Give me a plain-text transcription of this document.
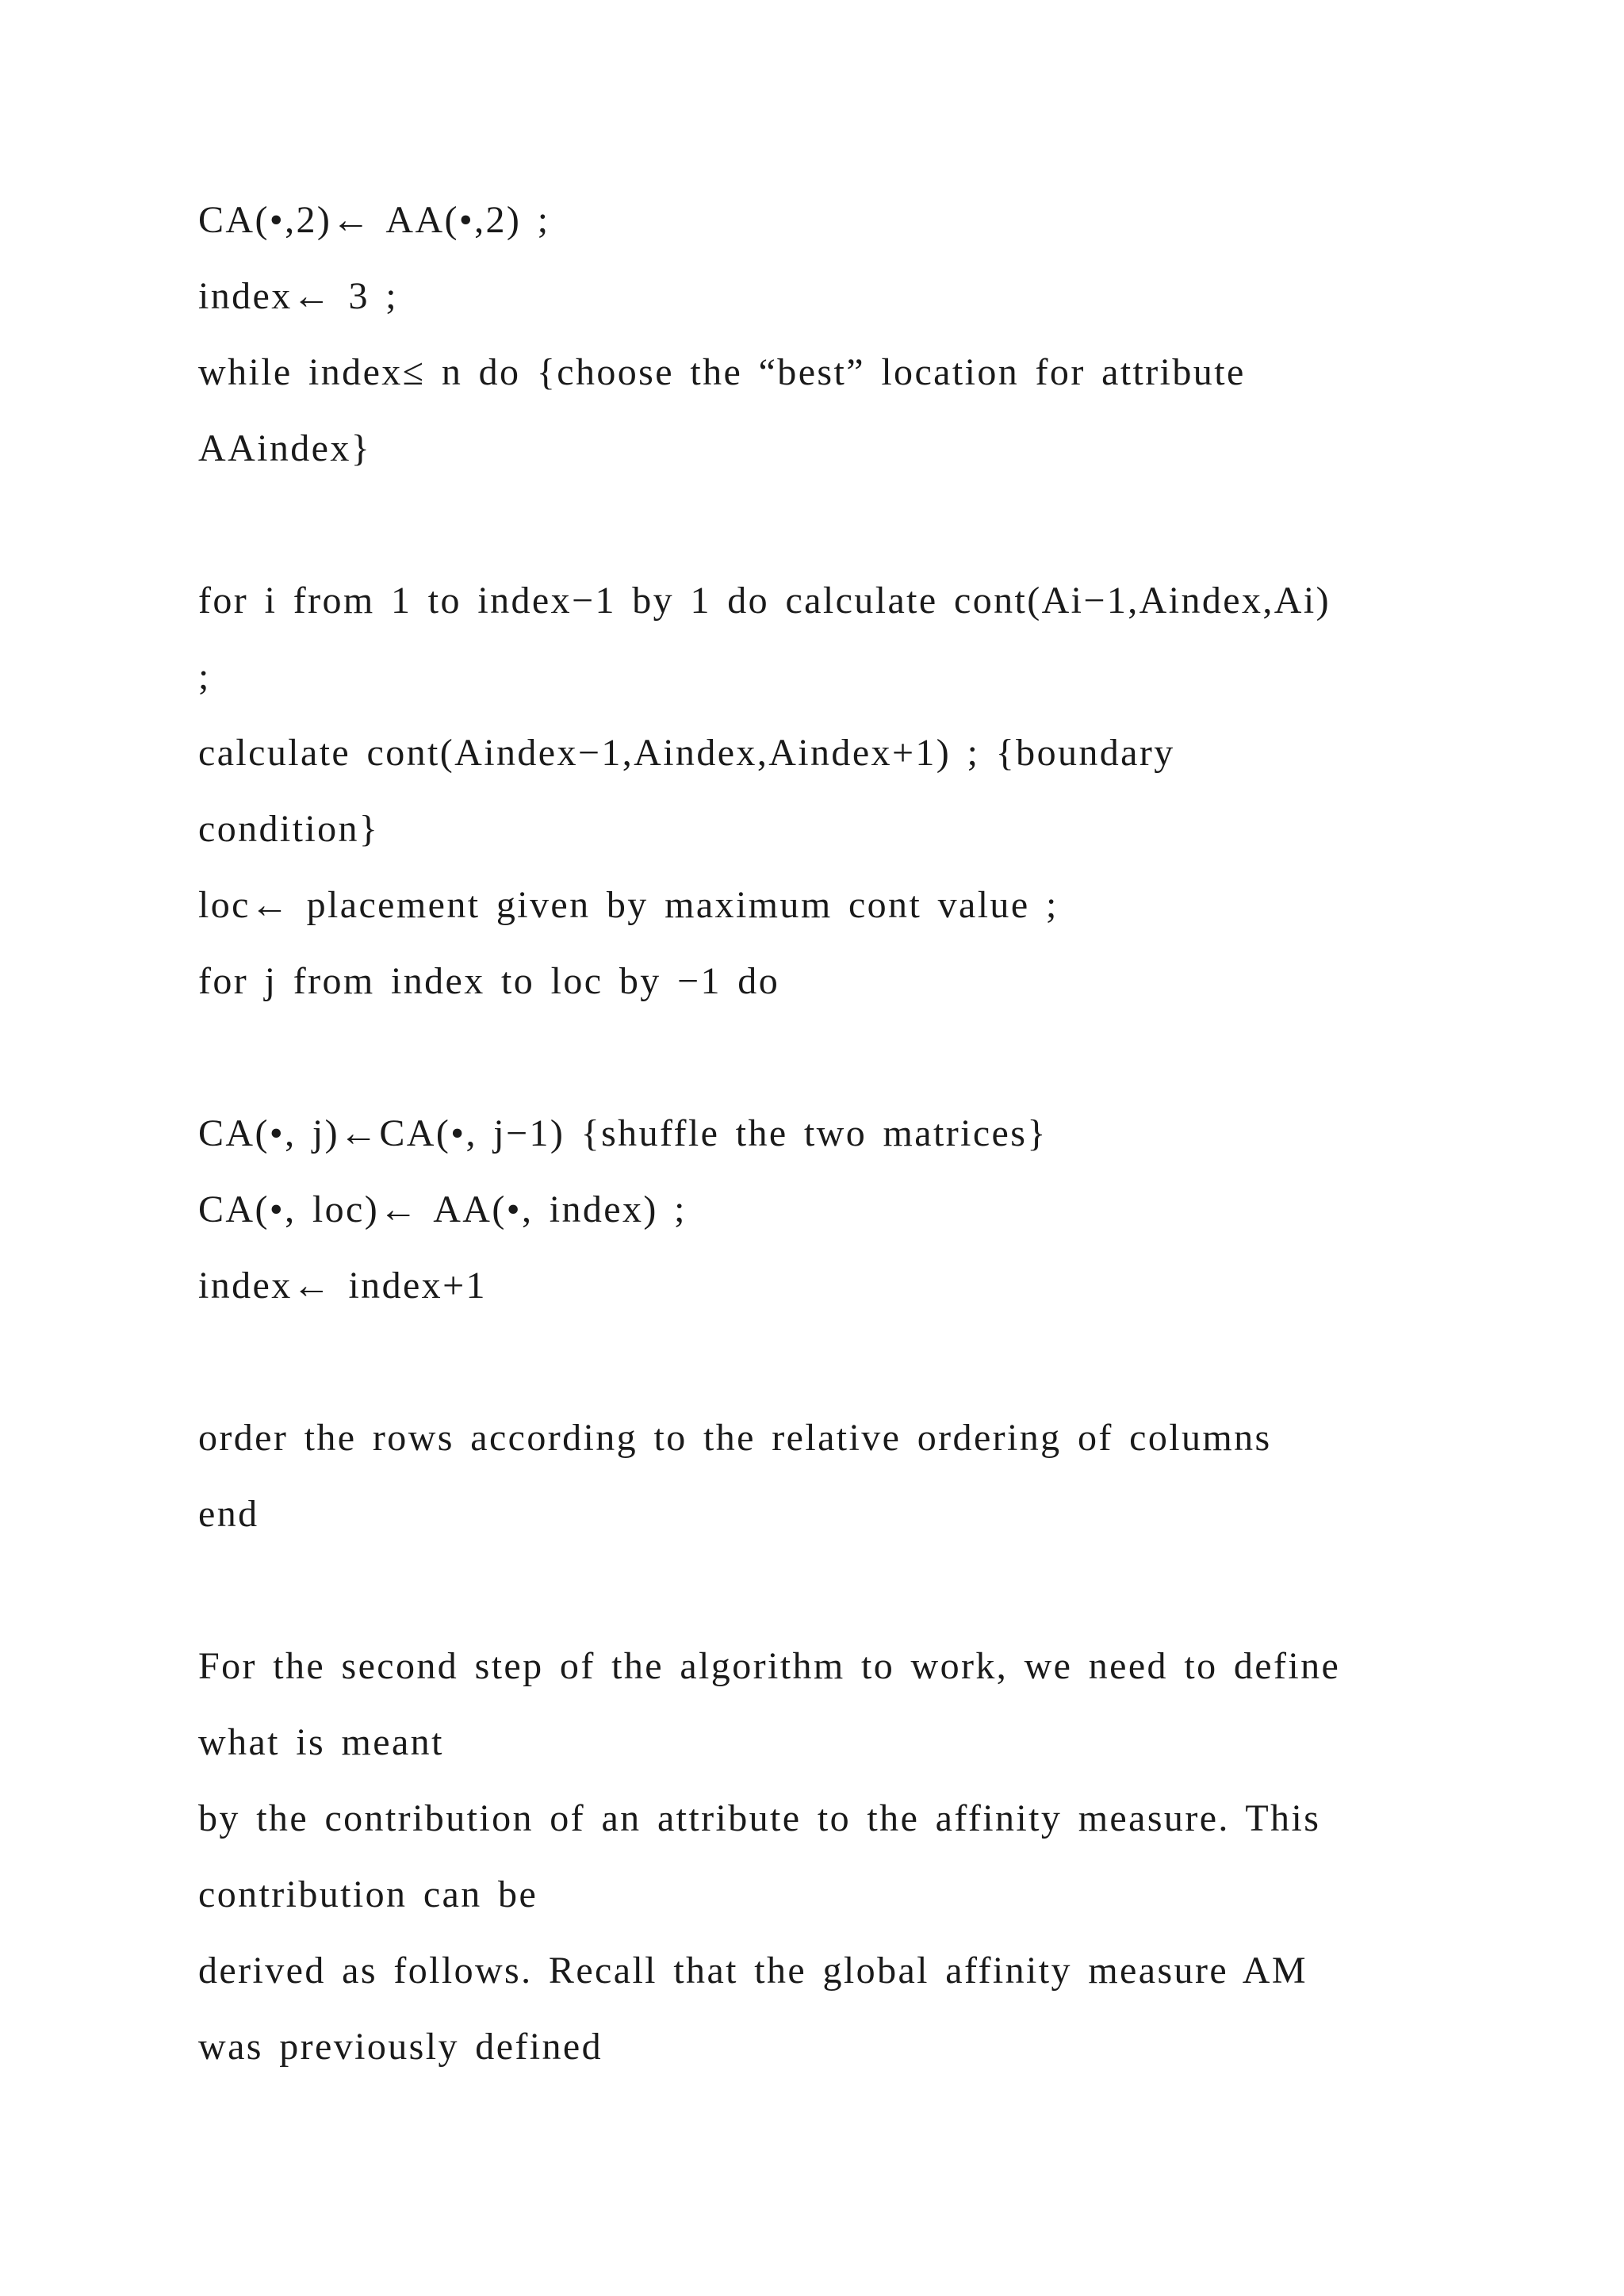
CA(•,2)← AA(•,2) ;
index← 3 ;
while index≤ n do {choose the “best” location for attribute
AAindex}
for i from 1 to index−1 by 1 do calculate cont(Ai−1,Aindex,Ai)
;
calculate cont(Aindex−1,Aindex,Aindex+1) ; {boundary
condition}
loc← placement given by maximum cont value ;
for j from index to loc by −1 do
CA(•, j)←CA(•, j−1) {shuffle the two matrices}
CA(•, loc)← AA(•, index) ;
index← index+1
order the rows according to the relative ordering of columns
end
For the second step of the algorithm to work, we need to define
what is meant
by the contribution of an attribute to the affinity measure. This
contribution can be
derived as follows. Recall that the global affinity measure AM
was previously defined
